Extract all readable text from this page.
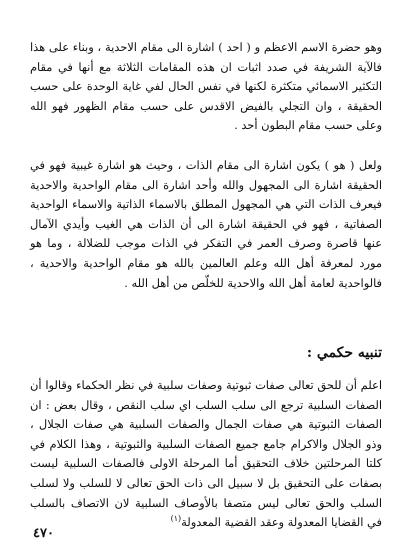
وهو حضرة الاسم الاعظم و ( احد ) اشارة الى مقام الاحدية ، وبناء على هذا فالآية الشريفة في صدد اثبات ان هذه المقامات الثلاثة مع أنها في مقام التكثير الاسمائي متكثرة لكنها في نفس الحال لفي غاية الوحدة على حسب الحقيقة ، وان التجلي بالفيض الاقدس على حسب مقام الظهور فهو الله وعلى حسب مقام البطون أحد .

ولعل ( هو ) يكون اشارة الى مقام الذات ، وحيث هو اشارة غيبية فهو في الحقيقة اشارة الى المجهول والله وأحد اشارة الى مقام الواحدية والاحدية فيعرف الذات التي هي المجهول المطلق بالاسماء الذاتية والاسماء الواحدية الصفاتية ، فهو في الحقيقة اشارة الى أن الذات هي الغيب وأيدي الآمال عنها قاصرة وصرف العمر في التفكر في الذات موجب للضلالة ، وما هو مورد لمعرفة أهل الله وعلم العالمين بالله هو مقام الواحدية والاحدية ، فالواحدية لعامة أهل الله والاحدية للخلّص من أهل الله .

تنبيه حكمي :

اعلم أن للحق تعالى صفات ثبوتية وصفات سلبية في نظر الحكماء وقالوا أن الصفات السلبية ترجع الى سلب السلب اي سلب النقص ، وقال بعض : ان الصفات الثبوتية هي صفات الجمال والصفات السلبية هي صفات الجلال ، وذو الجلال والاكرام جامع جميع الصفات السلبية والثبوتية ، وهذا الكلام في كلتا المرحلتين خلاف التحقيق أما المرحلة الاولى فالصفات السلبية ليست بصفات على التحقيق بل لا سبيل الى ذات الحق تعالى لا للسلب ولا لسلب السلب والحق تعالى ليس متصفا بالأوصاف السلبية لان الاتصاف بالسلب في القضايا المعدولة وعقد القضية المعدولة$^{(١)}$

٤٧٠
